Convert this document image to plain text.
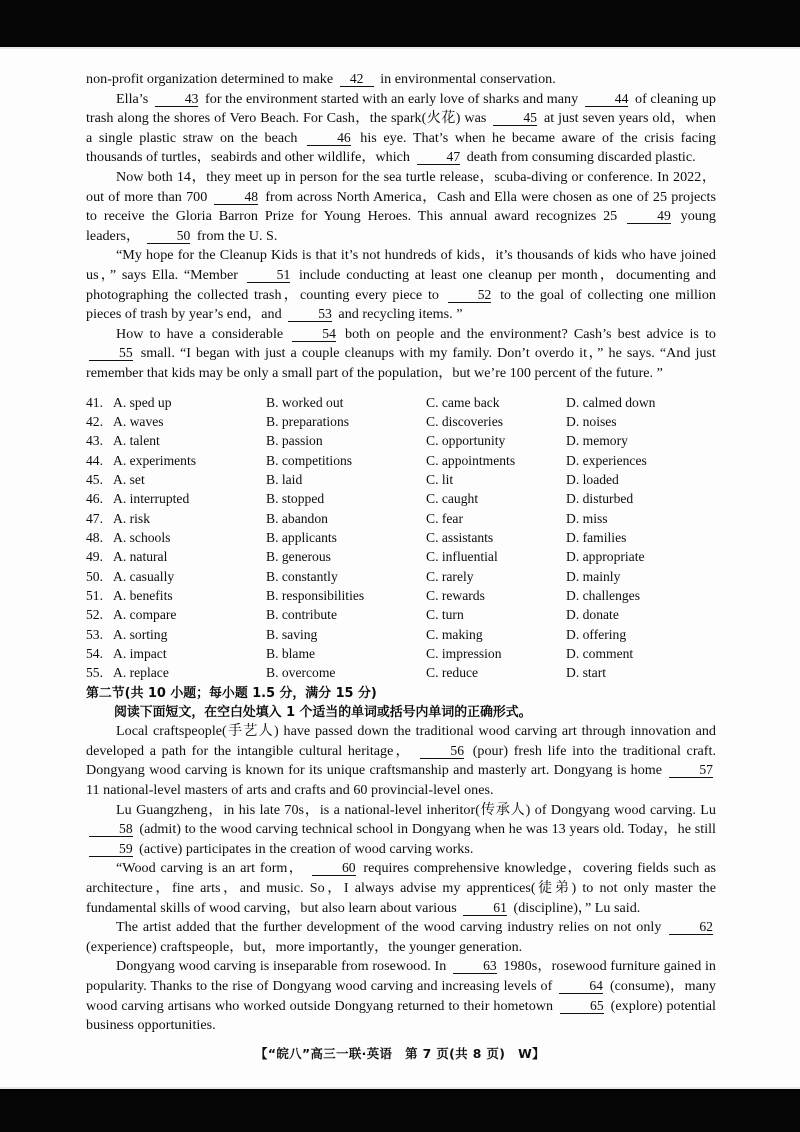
non-profit organization determined to make 42 in environmental conservation.

Ella’s 43 for the environment started with an early love of sharks and many 44 of cleaning up trash along the shores of Vero Beach. For Cash，the spark(火花) was 45 at just seven years old，when a single plastic straw on the beach 46 his eye. That’s when he became aware of the crisis facing thousands of turtles，seabirds and other wildlife，which 47 death from consuming discarded plastic.

Now both 14，they meet up in person for the sea turtle release，scuba-diving or conference. In 2022，out of more than 700 48 from across North America，Cash and Ella were chosen as one of 25 projects to receive the Gloria Barron Prize for Young Heroes. This annual award recognizes 25 49 young leaders， 50 from the U. S.

“My hope for the Cleanup Kids is that it’s not hundreds of kids，it’s thousands of kids who have joined us，” says Ella. “Member 51 include conducting at least one cleanup per month，documenting and photographing the collected trash，counting every piece to 52 to the goal of collecting one million pieces of trash by year’s end，and 53 and recycling items. ”

How to have a considerable 54 both on people and the environment? Cash’s best advice is to 55 small. “I began with just a couple cleanups with my family. Don’t overdo it，” he says. “And just remember that kids may be only a small part of the population，but we’re 100 percent of the future. ”

41. A. sped up	B. worked out	C. came back	D. calmed down
42. A. waves	B. preparations	C. discoveries	D. noises
43. A. talent	B. passion	C. opportunity	D. memory
44. A. experiments	B. competitions	C. appointments	D. experiences
45. A. set	B. laid	C. lit	D. loaded
46. A. interrupted	B. stopped	C. caught	D. disturbed
47. A. risk	B. abandon	C. fear	D. miss
48. A. schools	B. applicants	C. assistants	D. families
49. A. natural	B. generous	C. influential	D. appropriate
50. A. casually	B. constantly	C. rarely	D. mainly
51. A. benefits	B. responsibilities	C. rewards	D. challenges
52. A. compare	B. contribute	C. turn	D. donate
53. A. sorting	B. saving	C. making	D. offering
54. A. impact	B. blame	C. impression	D. comment
55. A. replace	B. overcome	C. reduce	D. start

第二节(共 10 小题；每小题 1.5 分，满分 15 分)

阅读下面短文，在空白处填入 1 个适当的单词或括号内单词的正确形式。

Local craftspeople(手艺人) have passed down the traditional wood carving art through innovation and developed a path for the intangible cultural heritage， 56 (pour) fresh life into the traditional craft. Dongyang wood carving is known for its unique craftsmanship and masterly art. Dongyang is home 57 11 national-level masters of arts and crafts and 60 provincial-level ones.

Lu Guangzheng，in his late 70s，is a national-level inheritor(传承人) of Dongyang wood carving. Lu 58 (admit) to the wood carving technical school in Dongyang when he was 13 years old. Today，he still 59 (active) participates in the creation of wood carving works.

“Wood carving is an art form， 60 requires comprehensive knowledge，covering fields such as architecture，fine arts，and music. So，I always advise my apprentices(徒弟) to not only master the fundamental skills of wood carving，but also learn about various 61 (discipline)，” Lu said.

The artist added that the further development of the wood carving industry relies on not only 62 (experience) craftspeople，but，more importantly，the younger generation.

Dongyang wood carving is inseparable from rosewood. In 63 1980s，rosewood furniture gained in popularity. Thanks to the rise of Dongyang wood carving and increasing levels of 64 (consume)，many wood carving artisans who worked outside Dongyang returned to their hometown 65 (explore) potential business opportunities.

【“皖八”高三一联·英语　第 7 页(共 8 页)　W】
